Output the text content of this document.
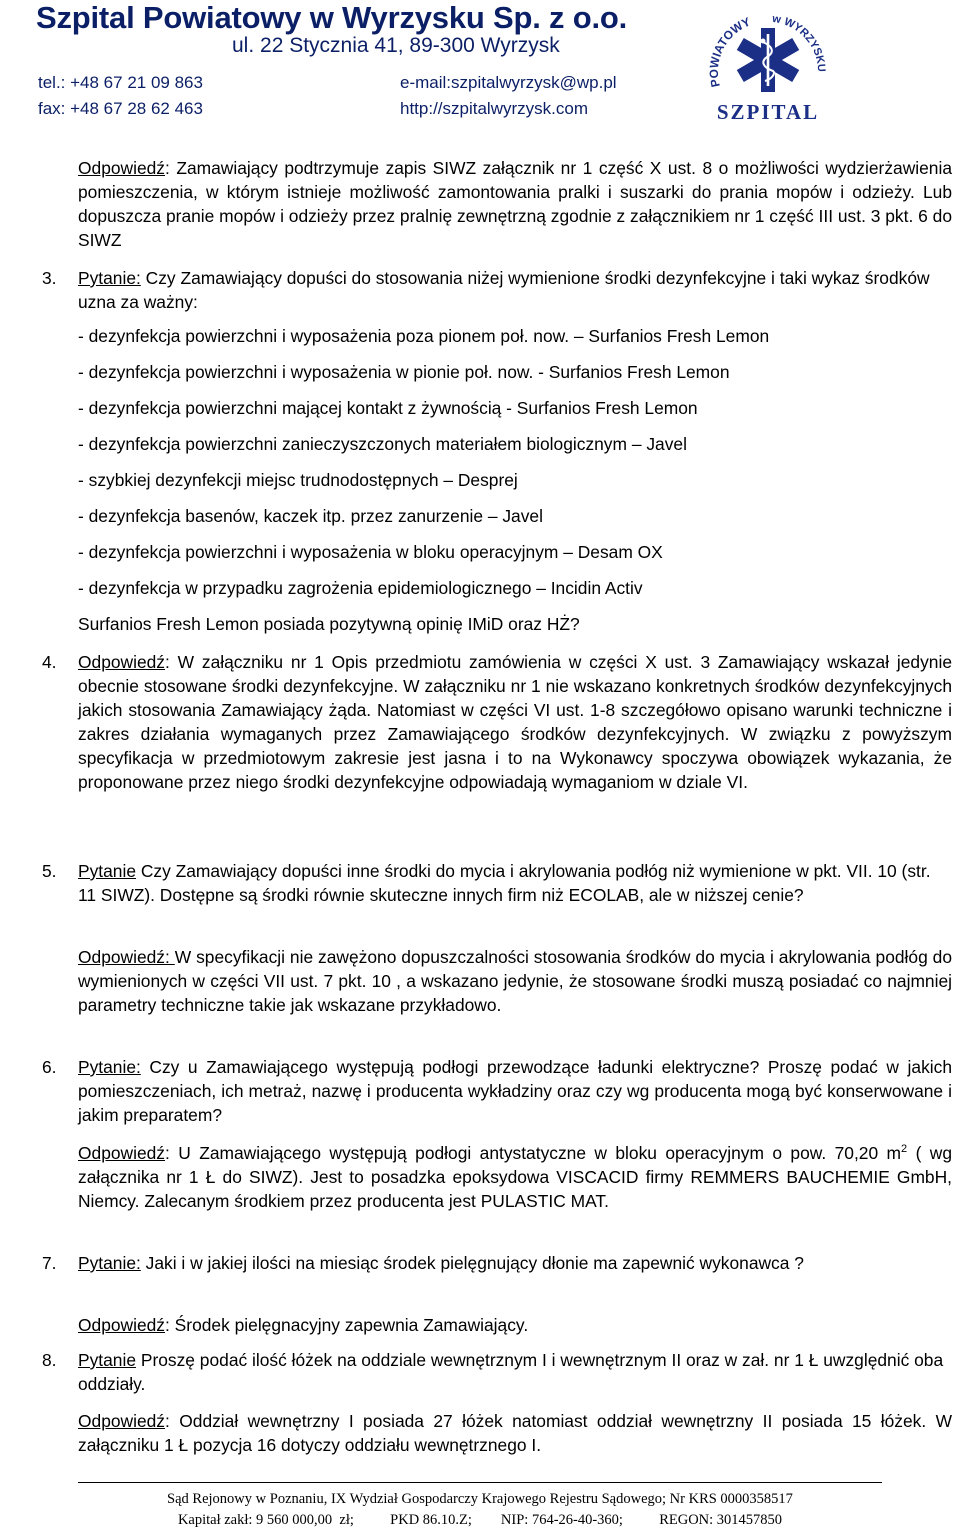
Szpital Powiatowy w Wyrzysku Sp. z o.o.
ul. 22 Stycznia 41, 89-300 Wyrzysk
tel.: +48 67 21 09 863
fax: +48 67 28 62 463
e-mail:szpitalwyrzysk@wp.pl
http://szpitalwyrzysk.com
POWIATOWY w WYRZYSKU
SZPITAL
Odpowiedź: Zamawiający podtrzymuje zapis SIWZ załącznik nr 1 część X ust. 8 o możliwości wydzierżawienia pomieszczenia, w którym istnieje możliwość zamontowania pralki i suszarki do prania mopów i odzieży. Lub dopuszcza pranie mopów i odzieży przez pralnię zewnętrzną zgodnie z załącznikiem nr 1 część III ust. 3 pkt. 6 do SIWZ
3. Pytanie: Czy Zamawiający dopuści do stosowania niżej wymienione środki dezynfekcyjne i taki wykaz środków uzna za ważny:
- dezynfekcja powierzchni i wyposażenia poza pionem poł. now. – Surfanios Fresh Lemon
- dezynfekcja powierzchni i wyposażenia w pionie poł. now. - Surfanios Fresh Lemon
- dezynfekcja powierzchni mającej kontakt z żywnością - Surfanios Fresh Lemon
- dezynfekcja powierzchni zanieczyszczonych materiałem biologicznym – Javel
- szybkiej dezynfekcji miejsc trudnodostępnych – Desprej
- dezynfekcja basenów, kaczek itp. przez zanurzenie – Javel
- dezynfekcja powierzchni i wyposażenia w bloku operacyjnym – Desam OX
- dezynfekcja w przypadku zagrożenia epidemiologicznego – Incidin Activ
Surfanios Fresh Lemon posiada pozytywną opinię IMiD oraz HŻ?
4. Odpowiedź: W załączniku nr 1 Opis przedmiotu zamówienia w części X ust. 3 Zamawiający wskazał jedynie obecnie stosowane środki dezynfekcyjne. W załączniku nr 1 nie wskazano konkretnych środków dezynfekcyjnych jakich stosowania Zamawiający żąda. Natomiast w części VI ust. 1-8 szczegółowo opisano warunki techniczne i zakres działania wymaganych przez Zamawiającego środków dezynfekcyjnych. W związku z powyższym specyfikacja w przedmiotowym zakresie jest jasna i to na Wykonawcy spoczywa obowiązek wykazania, że proponowane przez niego środki dezynfekcyjne odpowiadają wymaganiom w dziale VI.
5. Pytanie Czy Zamawiający dopuści inne środki do mycia i akrylowania podłóg niż wymienione w pkt. VII. 10 (str. 11 SIWZ). Dostępne są środki równie skuteczne innych firm niż ECOLAB, ale w niższej cenie?
Odpowiedź: W specyfikacji nie zawężono dopuszczalności stosowania środków do mycia i akrylowania podłóg do wymienionych w części VII ust. 7 pkt. 10 , a wskazano jedynie, że stosowane środki muszą posiadać co najmniej parametry techniczne takie jak wskazane przykładowo.
6. Pytanie: Czy u Zamawiającego występują podłogi przewodzące ładunki elektryczne? Proszę podać w jakich pomieszczeniach, ich metraż, nazwę i producenta wykładziny oraz czy wg producenta mogą być konserwowane i jakim preparatem?
Odpowiedź: U Zamawiającego występują podłogi antystatyczne w bloku operacyjnym o pow. 70,20 $m^2$ ( wg załącznika nr 1 Ł do SIWZ). Jest to posadzka epoksydowa VISCACID firmy REMMERS BAUCHEMIE GmbH, Niemcy. Zalecanym środkiem przez producenta jest PULASTIC MAT.
7. Pytanie: Jaki i w jakiej ilości na miesiąc środek pielęgnujący dłonie ma zapewnić wykonawca ?
Odpowiedź: Środek pielęgnacyjny zapewnia Zamawiający.
8. Pytanie Proszę podać ilość łóżek na oddziale wewnętrznym I i wewnętrznym II oraz w zał. nr 1 Ł uwzględnić oba oddziały.
Odpowiedź: Oddział wewnętrzny I posiada 27 łóżek natomiast oddział wewnętrzny II posiada 15 łóżek. W załączniku 1 Ł pozycja 16 dotyczy oddziału wewnętrznego I.
Sąd Rejonowy w Poznaniu, IX Wydział Gospodarczy Krajowego Rejestru Sądowego; Nr KRS 0000358517
Kapitał zakł: 9 560 000,00  zł;          PKD 86.10.Z;        NIP: 764-26-40-360;          REGON: 301457850
